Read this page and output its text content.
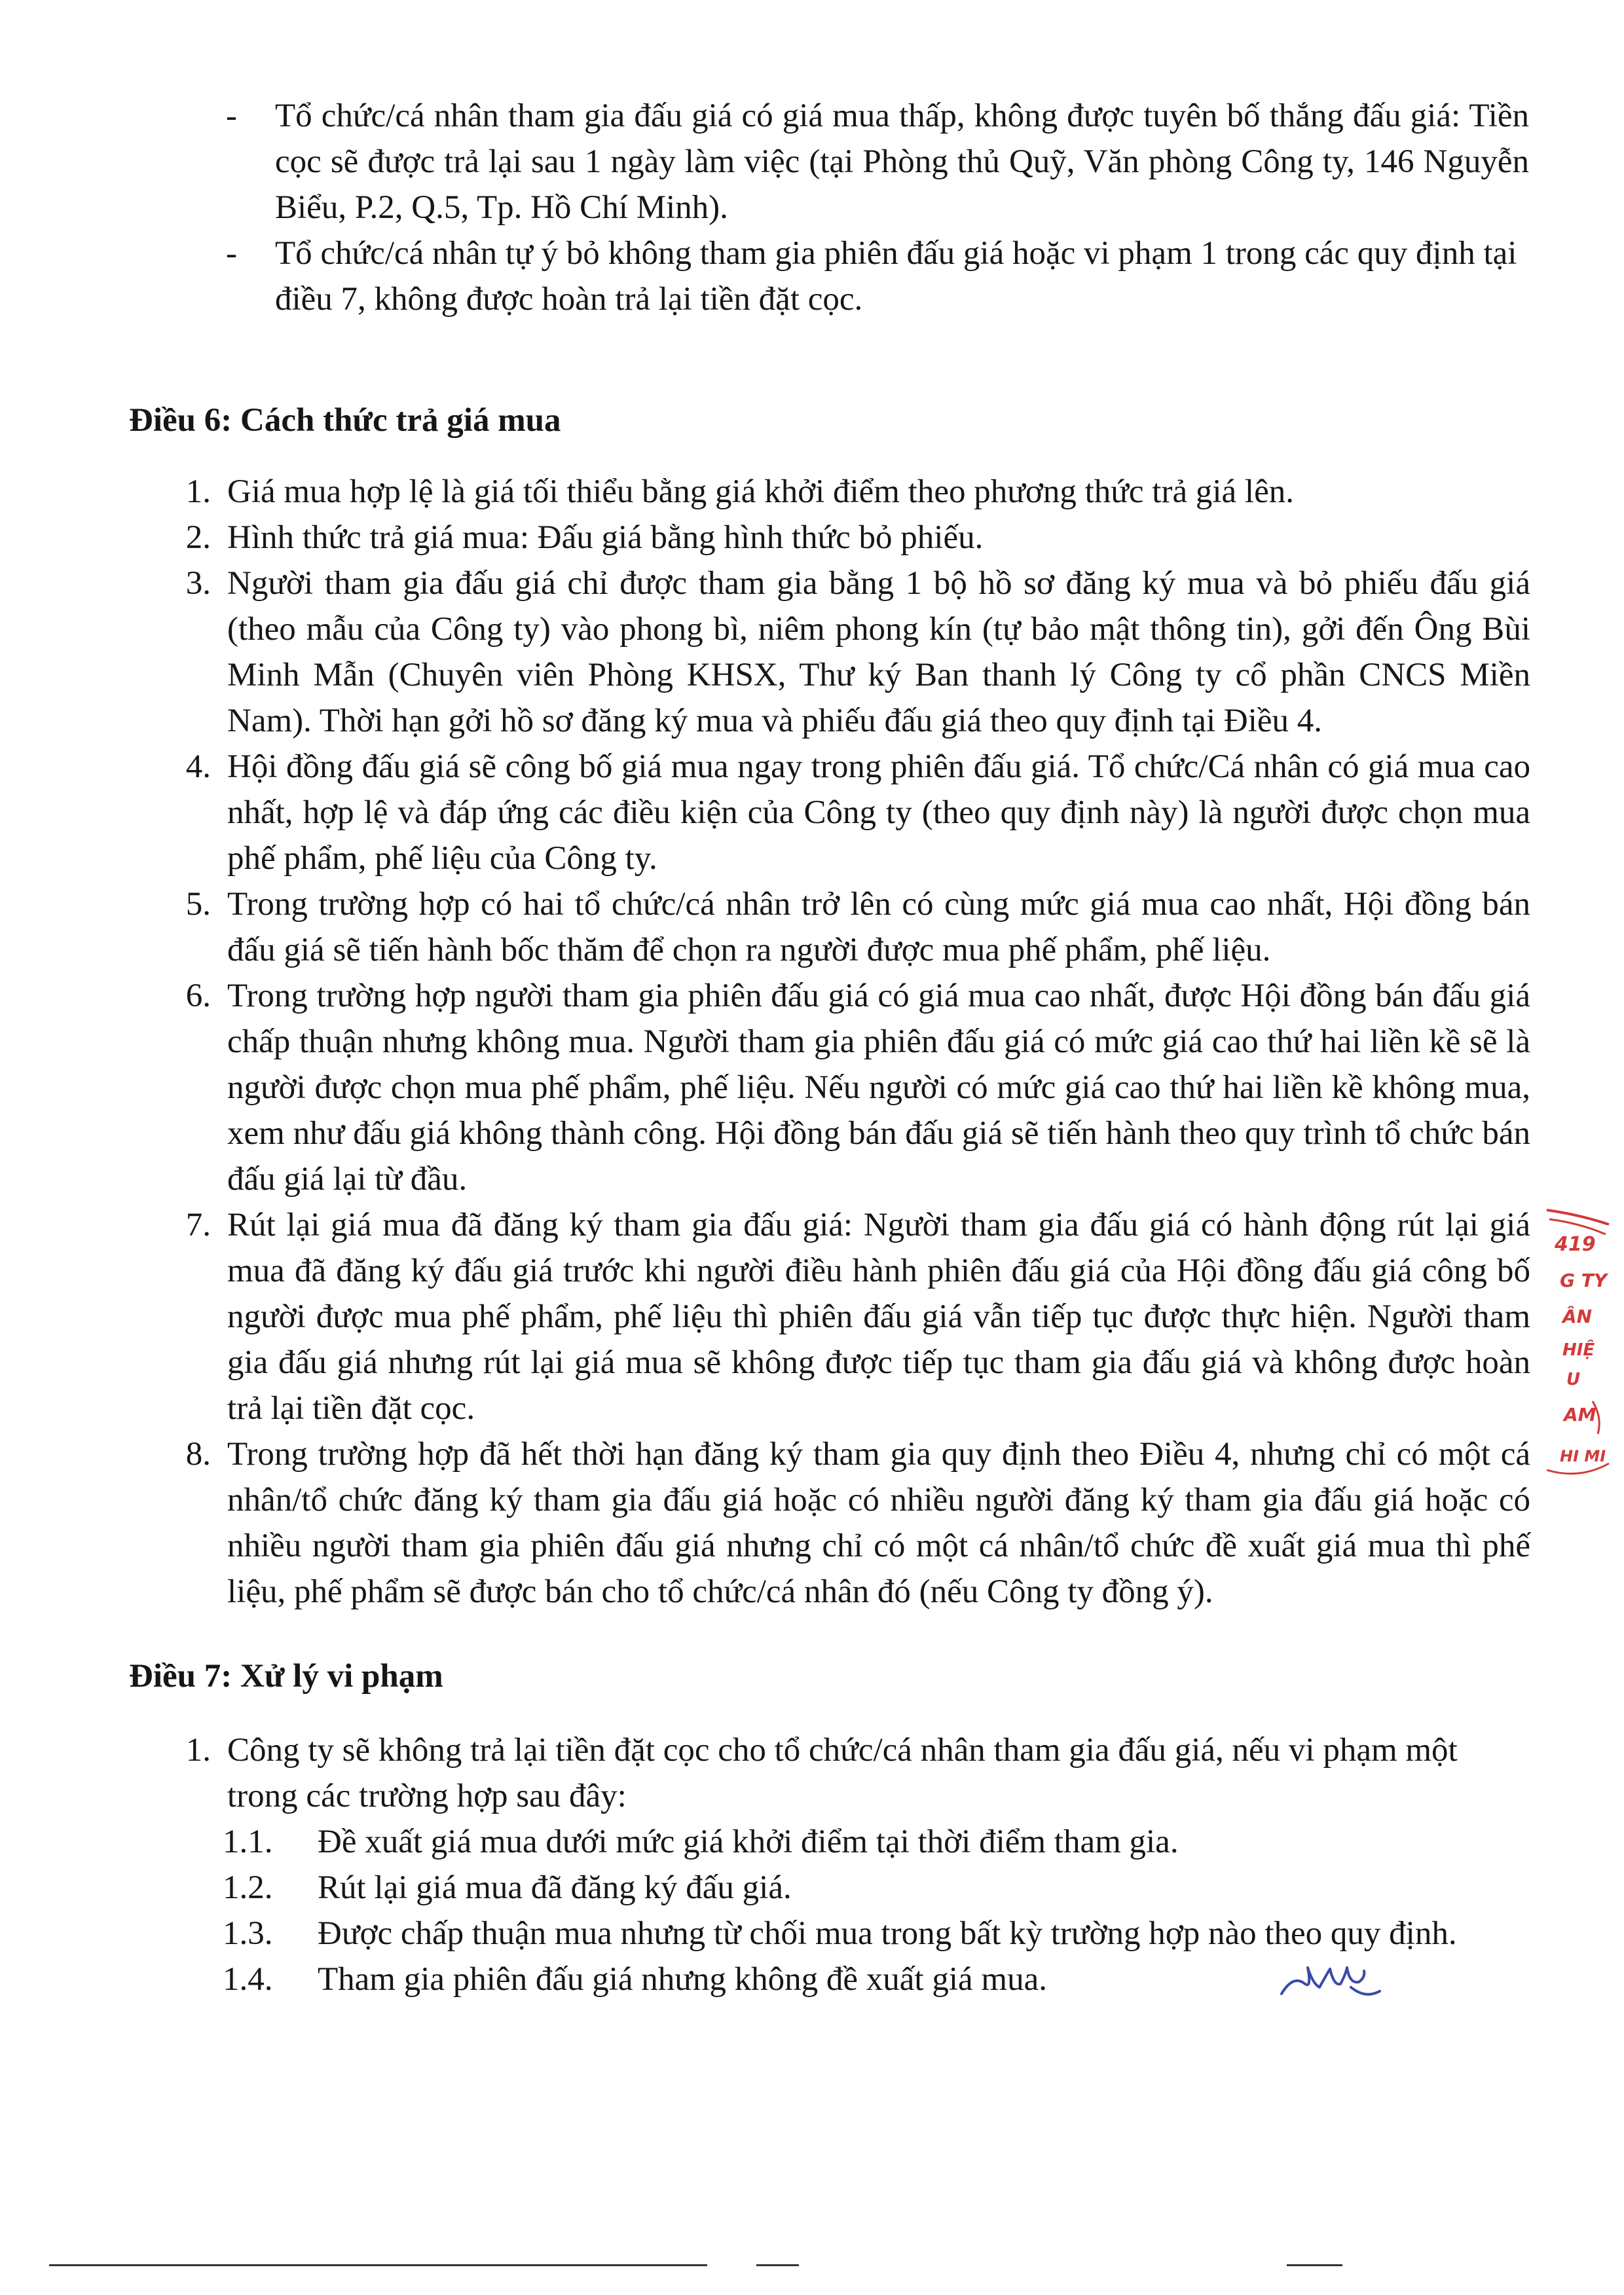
- Tổ chức/cá nhân tham gia đấu giá có giá mua thấp, không được tuyên bố thắng đấu giá: Tiền cọc sẽ được trả lại sau 1 ngày làm việc (tại Phòng thủ Quỹ, Văn phòng Công ty, 146 Nguyễn Biểu, P.2, Q.5, Tp. Hồ Chí Minh).
- Tổ chức/cá nhân tự ý bỏ không tham gia phiên đấu giá hoặc vi phạm 1 trong các quy định tại điều 7, không được hoàn trả lại tiền đặt cọc.
Điều 6: Cách thức trả giá mua
1. Giá mua hợp lệ là giá tối thiểu bằng giá khởi điểm theo phương thức trả giá lên.
2. Hình thức trả giá mua: Đấu giá bằng hình thức bỏ phiếu.
3. Người tham gia đấu giá chỉ được tham gia bằng 1 bộ hồ sơ đăng ký mua và bỏ phiếu đấu giá (theo mẫu của Công ty) vào phong bì, niêm phong kín (tự bảo mật thông tin), gởi đến Ông Bùi Minh Mẫn (Chuyên viên Phòng KHSX, Thư ký Ban thanh lý Công ty cổ phần CNCS Miền Nam). Thời hạn gởi hồ sơ đăng ký mua và phiếu đấu giá theo quy định tại Điều 4.
4. Hội đồng đấu giá sẽ công bố giá mua ngay trong phiên đấu giá. Tổ chức/Cá nhân có giá mua cao nhất, hợp lệ và đáp ứng các điều kiện của Công ty (theo quy định này) là người được chọn mua phế phẩm, phế liệu của Công ty.
5. Trong trường hợp có hai tổ chức/cá nhân trở lên có cùng mức giá mua cao nhất, Hội đồng bán đấu giá sẽ tiến hành bốc thăm để chọn ra người được mua phế phẩm, phế liệu.
6. Trong trường hợp người tham gia phiên đấu giá có giá mua cao nhất, được Hội đồng bán đấu giá chấp thuận nhưng không mua. Người tham gia phiên đấu giá có mức giá cao thứ hai liền kề sẽ là người được chọn mua phế phẩm, phế liệu. Nếu người có mức giá cao thứ hai liền kề không mua, xem như đấu giá không thành công. Hội đồng bán đấu giá sẽ tiến hành theo quy trình tổ chức bán đấu giá lại từ đầu.
7. Rút lại giá mua đã đăng ký tham gia đấu giá: Người tham gia đấu giá có hành động rút lại giá mua đã đăng ký đấu giá trước khi người điều hành phiên đấu giá của Hội đồng đấu giá công bố người được mua phế phẩm, phế liệu thì phiên đấu giá vẫn tiếp tục được thực hiện. Người tham gia đấu giá nhưng rút lại giá mua sẽ không được tiếp tục tham gia đấu giá và không được hoàn trả lại tiền đặt cọc.
8. Trong trường hợp đã hết thời hạn đăng ký tham gia quy định theo Điều 4, nhưng chỉ có một cá nhân/tổ chức đăng ký tham gia đấu giá hoặc có nhiều người đăng ký tham gia đấu giá hoặc có nhiều người tham gia phiên đấu giá nhưng chỉ có một cá nhân/tổ chức đề xuất giá mua thì phế liệu, phế phẩm sẽ được bán cho tổ chức/cá nhân đó (nếu Công ty đồng ý).
Điều 7: Xử lý vi phạm
1. Công ty sẽ không trả lại tiền đặt cọc cho tổ chức/cá nhân tham gia đấu giá, nếu vi phạm một trong các trường hợp sau đây:
1.1. Đề xuất giá mua dưới mức giá khởi điểm tại thời điểm tham gia.
1.2. Rút lại giá mua đã đăng ký đấu giá.
1.3. Được chấp thuận mua nhưng từ chối mua trong bất kỳ trường hợp nào theo quy định.
1.4. Tham gia phiên đấu giá nhưng không đề xuất giá mua.
419
G TY
ÂN
HIỆ
U
AM
HI MI
